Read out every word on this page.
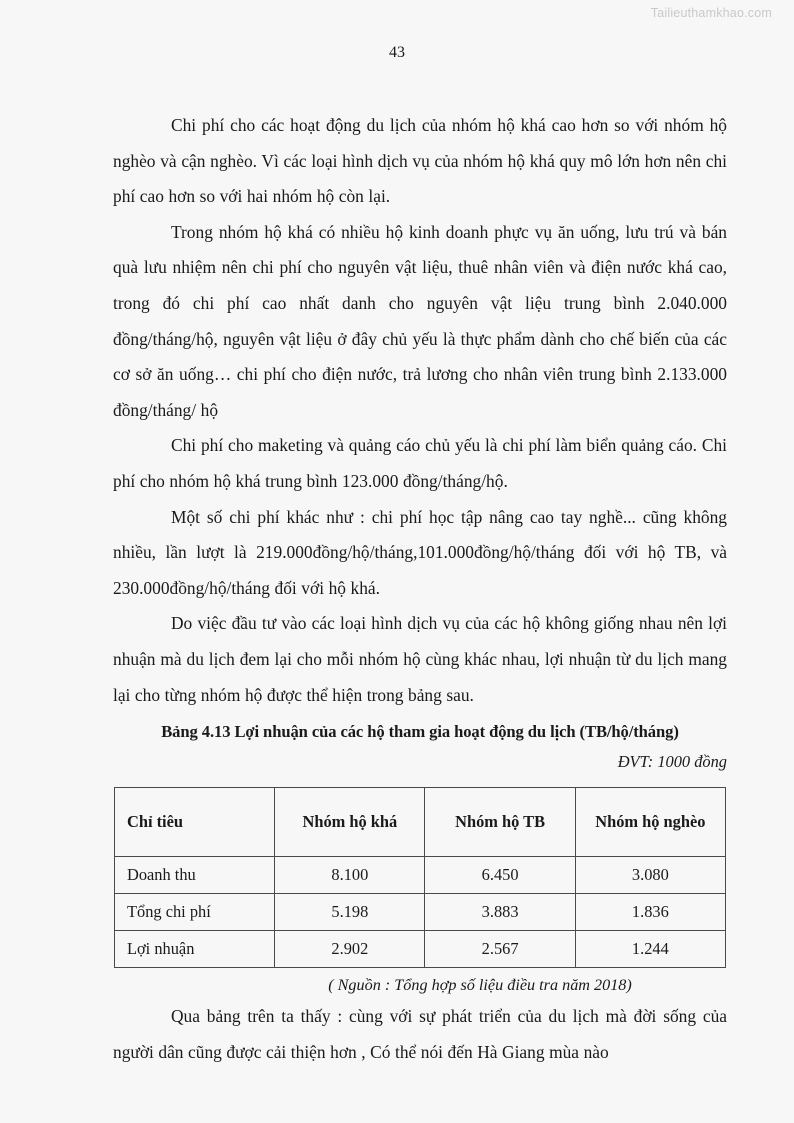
Tailieuthamkhao.com
43

Chi phí cho các hoạt động du lịch của nhóm hộ khá cao hơn so với nhóm hộ nghèo và cận nghèo. Vì các loại hình dịch vụ của nhóm hộ khá quy mô lớn hơn nên chi phí cao hơn so với hai nhóm hộ còn lại.

Trong nhóm hộ khá có nhiều hộ kinh doanh phực vụ ăn uống, lưu trú và bán quà lưu nhiệm nên chi phí cho nguyên vật liệu, thuê nhân viên và điện nước khá cao, trong đó chi phí cao nhất danh cho nguyên vật liệu trung bình 2.040.000 đồng/tháng/hộ, nguyên vật liệu ở đây chủ yếu là thực phẩm dành cho chế biến của các cơ sở ăn uống… chi phí cho điện nước, trả lương cho nhân viên trung bình 2.133.000 đồng/tháng/ hộ

Chi phí cho maketing và quảng cáo chủ yếu là chi phí làm biển quảng cáo. Chi phí cho nhóm hộ khá trung bình 123.000 đồng/tháng/hộ.

Một số chi phí khác như : chi phí học tập nâng cao tay nghề... cũng không nhiều, lần lượt là 219.000đồng/hộ/tháng,101.000đồng/hộ/tháng đối với hộ TB, và 230.000đồng/hộ/tháng đối với hộ khá.

Do việc đầu tư vào các loại hình dịch vụ của các hộ không giống nhau nên lợi nhuận mà du lịch đem lại cho mỗi nhóm hộ cùng khác nhau, lợi nhuận từ du lịch mang lại cho từng nhóm hộ được thể hiện trong bảng sau.

Bảng 4.13 Lợi nhuận của các hộ tham gia hoạt động du lịch (TB/hộ/tháng)

ĐVT: 1000 đồng

Chỉ tiêu	Nhóm hộ khá	Nhóm hộ TB	Nhóm hộ nghèo
Doanh thu	8.100	6.450	3.080
Tổng chi phí	5.198	3.883	1.836
Lợi nhuận	2.902	2.567	1.244

( Nguồn : Tổng hợp số liệu điều tra năm 2018)

Qua bảng trên ta thấy : cùng với sự phát triển của du lịch mà đời sống của người dân cũng được cải thiện hơn , Có thể nói đến Hà Giang mùa nào
